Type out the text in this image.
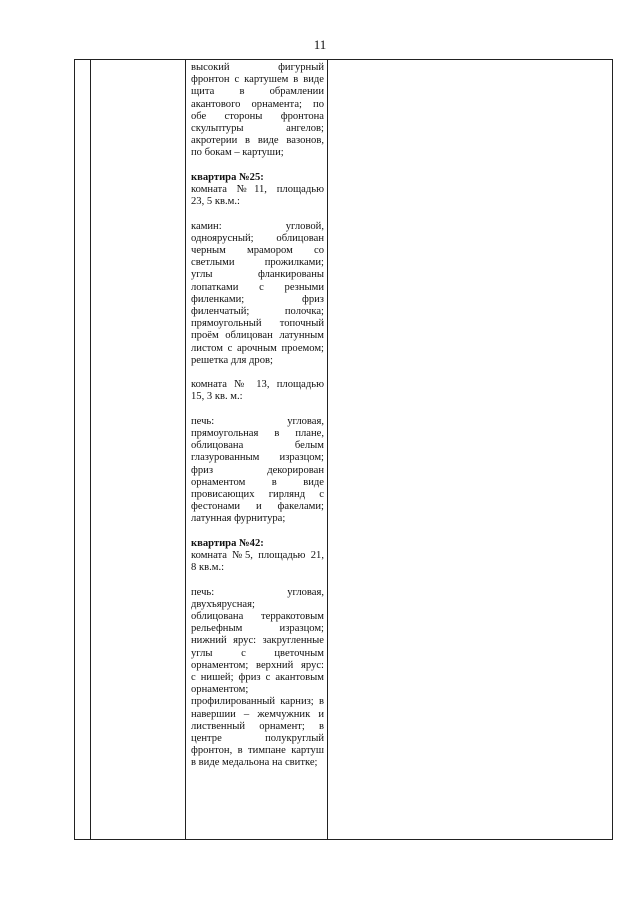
11

высокий фигурный
фронтон с картушем в виде
щита в обрамлении
акантового орнамента; по
обе стороны фронтона
скульптуры ангелов;
акротерии в виде вазонов,
по бокам – картуши;
квартира №25:
комната №11, площадью
23, 5 кв.м.:
камин: угловой,
одноярусный; облицован
черным мрамором со
светлыми прожилками;
углы фланкированы
лопатками с резными
филенками; фриз
филенчатый; полочка;
прямоугольный топочный
проём облицован латунным
листом с арочным проемом;
решетка для дров;
комната № 13, площадью
15, 3 кв. м.:
печь: угловая,
прямоугольная в плане,
облицована белым
глазурованным изразцом;
фриз декорирован
орнаментом в виде
провисающих гирлянд с
фестонами и факелами;
латунная фурнитура;
квартира №42:
комната №5, площадью 21,
8 кв.м.:
печь: угловая,
двухъярусная;
облицована терракотовым
рельефным изразцом;
нижний ярус: закругленные
углы с цветочным
орнаментом; верхний ярус:
с нишей; фриз с акантовым
орнаментом;
профилированный карниз; в
навершии – жемчужник и
лиственный орнамент; в
центре полукруглый
фронтон, в тимпане картуш
в виде медальона на свитке;
